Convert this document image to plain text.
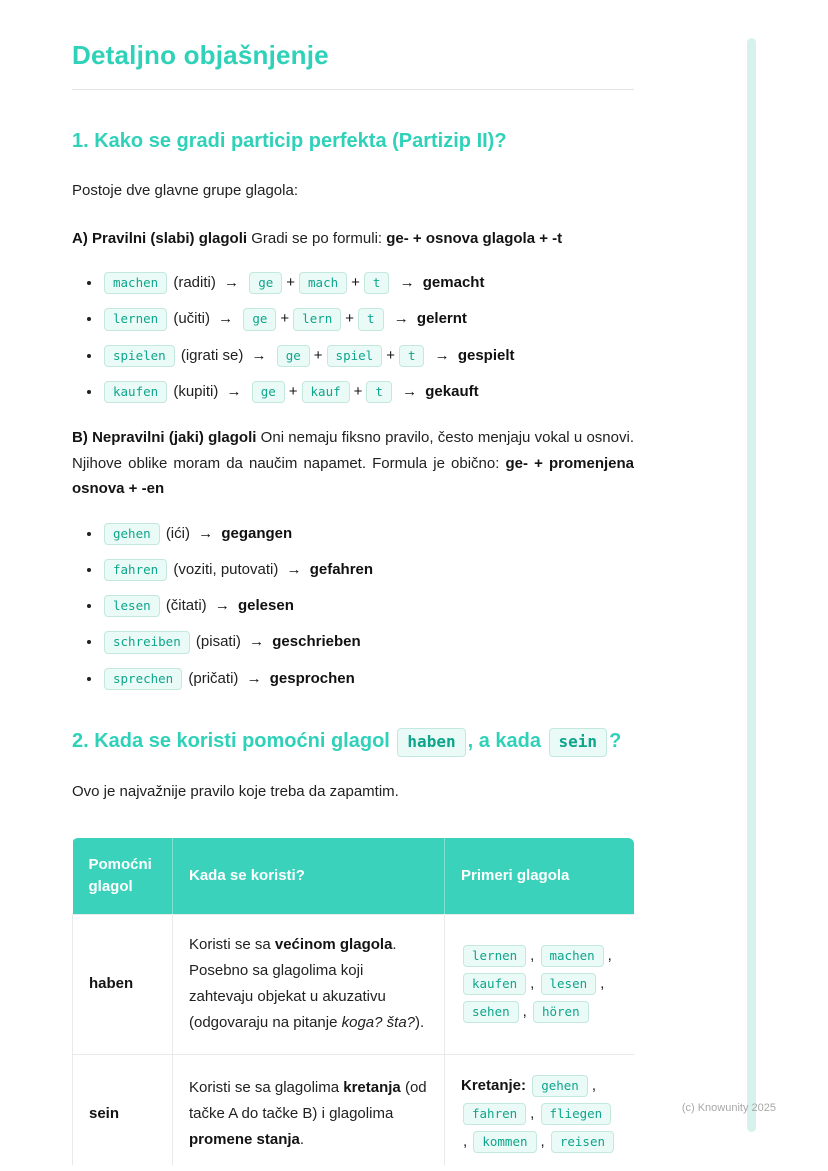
Detaljno objašnjenje
1. Kako se gradi particip perfekta (Partizip II)?

Postoje dve glavne grupe glagola:

A) Pravilni (slabi) glagoli Gradi se po formuli: ge- + osnova glagola + -t

• machen (raditi) → ge + mach + t → gemacht
• lernen (učiti) → ge + lern + t → gelernt
• spielen (igrati se) → ge + spiel + t → gespielt
• kaufen (kupiti) → ge + kauf + t → gekauft

B) Nepravilni (jaki) glagoli Oni nemaju fiksno pravilo, često menjaju vokal u osnovi. Njihove oblike moram da naučim napamet. Formula je obično: ge- + promenjena osnova + -en

• gehen (ići) → gegangen
• fahren (voziti, putovati) → gefahren
• lesen (čitati) → gelesen
• schreiben (pisati) → geschrieben
• sprechen (pričati) → gesprochen
2. Kada se koristi pomoćni glagol haben , a kada sein ?

Ovo je najvažnije pravilo koje treba da zapamtim.

Pomoćni glagol	Kada se koristi?	Primeri glagola
haben	Koristi se sa većinom glagola. Posebno sa glagolima koji zahtevaju objekat u akuzativu (odgovaraju na pitanje koga? šta?).	lernen , machen , kaufen , lesen , sehen , hören
sein	Koristi se sa glagolima kretanja (od tačke A do tačke B) i glagolima promene stanja.	Kretanje: gehen , fahren , fliegen, kommen , reisen
(c) Knowunity 2025
